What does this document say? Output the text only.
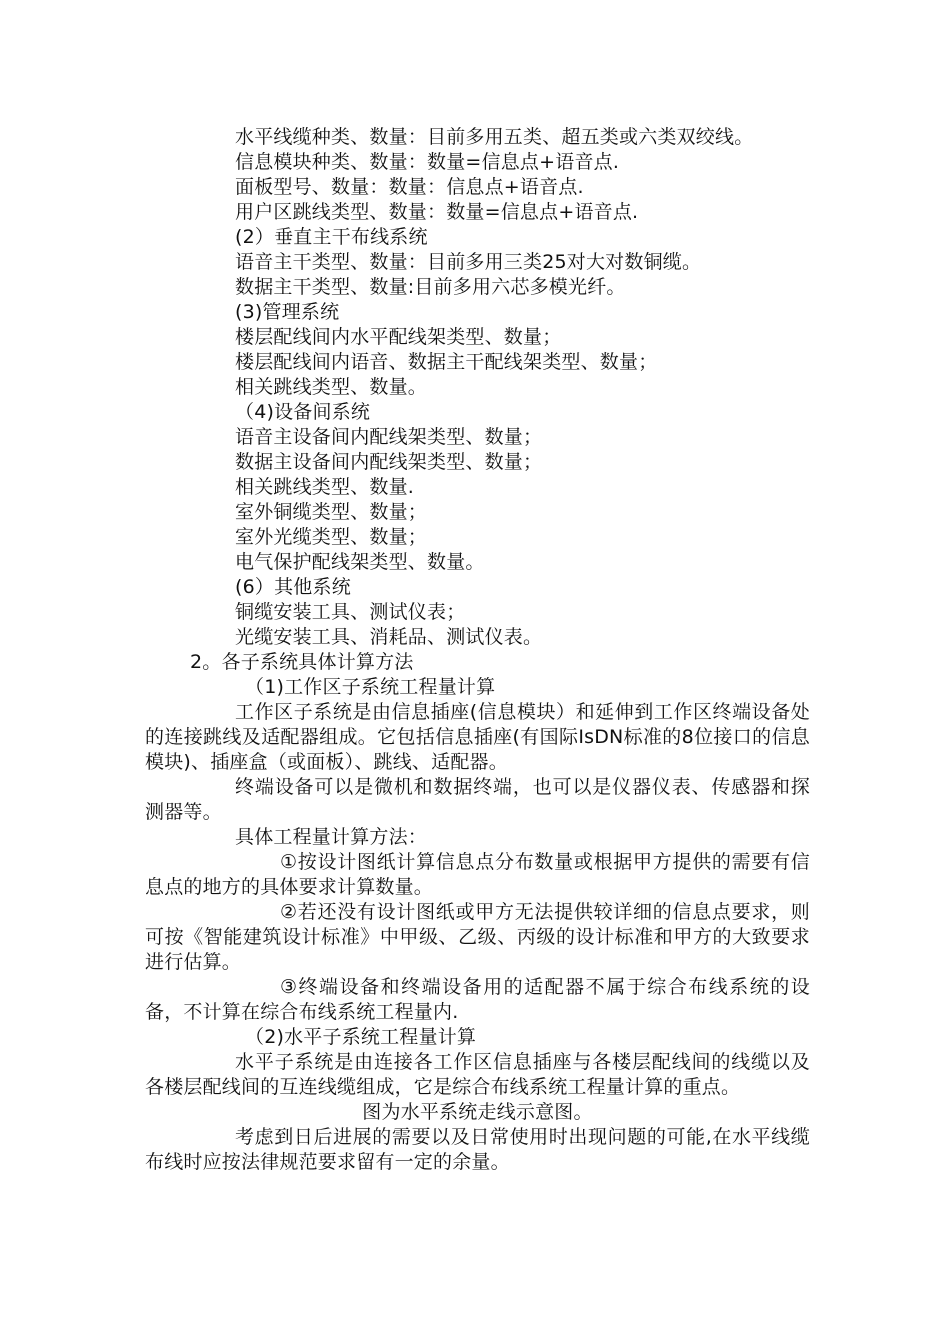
水平线缆种类、数量：目前多用五类、超五类或六类双绞线。

信息模块种类、数量：数量=信息点+语音点.

面板型号、数量：数量：信息点+语音点.

用户区跳线类型、数量：数量=信息点+语音点.

(2）垂直主干布线系统

语音主干类型、数量：目前多用三类25对大对数铜缆。

数据主干类型、数量:目前多用六芯多模光纤。

(3)管理系统

楼层配线间内水平配线架类型、数量；

楼层配线间内语音、数据主干配线架类型、数量；

相关跳线类型、数量。

（4)设备间系统

语音主设备间内配线架类型、数量；

数据主设备间内配线架类型、数量；

相关跳线类型、数量.

室外铜缆类型、数量；

室外光缆类型、数量；

电气保护配线架类型、数量。

(6）其他系统

铜缆安装工具、测试仪表；

光缆安装工具、消耗品、测试仪表。

2。各子系统具体计算方法

（1)工作区子系统工程量计算

工作区子系统是由信息插座(信息模块）和延伸到工作区终端设备处的连接跳线及适配器组成。它包括信息插座(有国际IsDN标准的8位接口的信息模块)、插座盒（或面板）、跳线、适配器。

终端设备可以是微机和数据终端，也可以是仪器仪表、传感器和探测器等。

具体工程量计算方法：

①按设计图纸计算信息点分布数量或根据甲方提供的需要有信息点的地方的具体要求计算数量。

②若还没有设计图纸或甲方无法提供较详细的信息点要求，则可按《智能建筑设计标准》中甲级、乙级、丙级的设计标准和甲方的大致要求进行估算。

③终端设备和终端设备用的适配器不属于综合布线系统的设备，不计算在综合布线系统工程量内.

（2)水平子系统工程量计算

水平子系统是由连接各工作区信息插座与各楼层配线间的线缆以及各楼层配线间的互连线缆组成，它是综合布线系统工程量计算的重点。

图为水平系统走线示意图。

考虑到日后进展的需要以及日常使用时出现问题的可能,在水平线缆布线时应按法律规范要求留有一定的余量。
